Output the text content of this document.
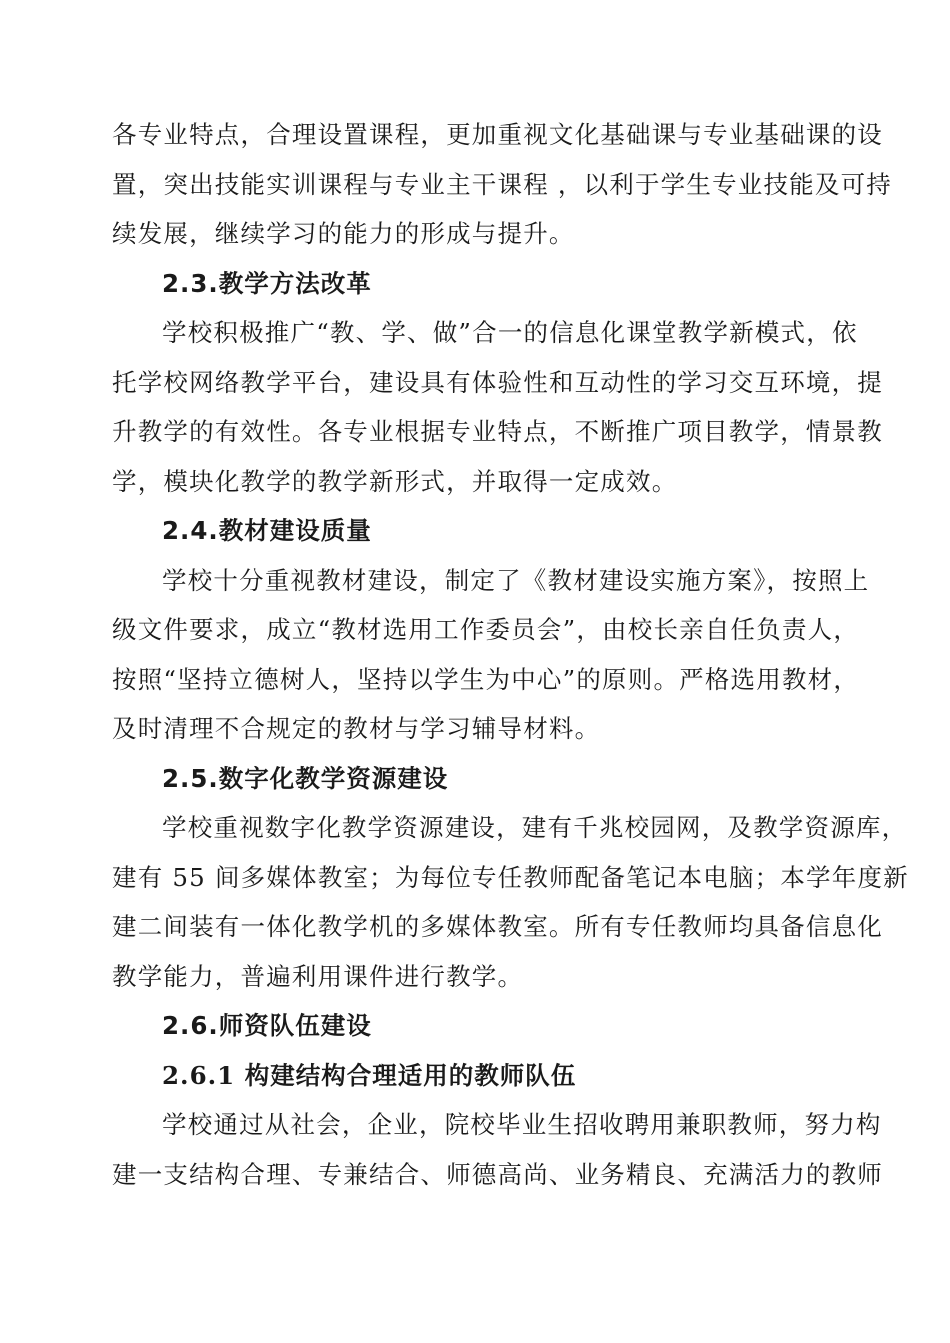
各专业特点，合理设置课程，更加重视文化基础课与专业基础课的设
置，突出技能实训课程与专业主干课程 ，以利于学生专业技能及可持
续发展，继续学习的能力的形成与提升。

2.3.教学方法改革

学校积极推广“教、学、做”合一的信息化课堂教学新模式，依
托学校网络教学平台，建设具有体验性和互动性的学习交互环境，提
升教学的有效性。各专业根据专业特点，不断推广项目教学，情景教
学，模块化教学的教学新形式，并取得一定成效。

2.4.教材建设质量

学校十分重视教材建设，制定了《教材建设实施方案》，按照上
级文件要求，成立“教材选用工作委员会”，由校长亲自任负责人，
按照“坚持立德树人，坚持以学生为中心”的原则。严格选用教材，
及时清理不合规定的教材与学习辅导材料。

2.5.数字化教学资源建设

学校重视数字化教学资源建设，建有千兆校园网，及教学资源库，
建有 55 间多媒体教室；为每位专任教师配备笔记本电脑；本学年度新
建二间装有一体化教学机的多媒体教室。所有专任教师均具备信息化
教学能力，普遍利用课件进行教学。

2.6.师资队伍建设
2.6.1 构建结构合理适用的教师队伍

学校通过从社会，企业，院校毕业生招收聘用兼职教师，努力构
建一支结构合理、专兼结合、师德高尚、业务精良、充满活力的教师
